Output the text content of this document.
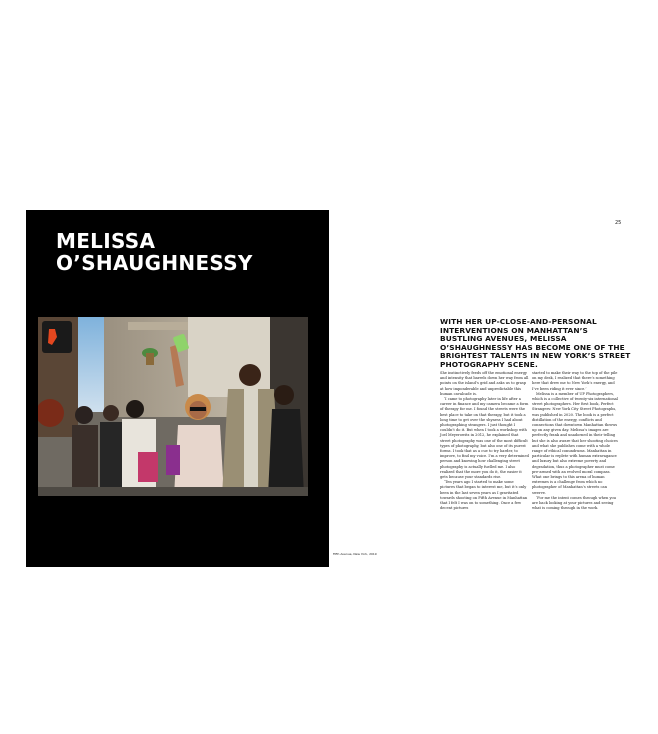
MELISSA
O’SHAUGHNESSY
Fifth Avenue, New York, 2019
25
WITH HER UP-CLOSE-AND-PERSONAL INTERVENTIONS ON MANHATTAN’S BUSTLING AVENUES, MELISSA O’SHAUGHNESSY HAS BECOME ONE OF THE BRIGHTEST TALENTS IN NEW YORK’S STREET PHOTOGRAPHY SCENE.

She instinctively feeds off the emotional energy and intensity that barrels down her way from all points on the island’s grid and asks us to grasp at how imponderable and unpredictable this human cavalcade is.

‘I came to photography later in life after a career in finance and my camera became a form of therapy for me. I found the streets were the best place to take on that therapy, but it took a long time to get over the shyness I had about photographing strangers. I just thought I couldn’t do it. But when I took a workshop with Joel Meyerowitz in 2012, he explained that street photography was one of the most difficult types of photography, but also one of its purest forms. I took that as a cue to try harder, to improve, to find my voice. I’m a very determined person and knowing how challenging street photography is actually fuelled me. I also realized that the more you do it, the easier it gets because your standards rise.

‘Ten years ago I started to make some pictures that began to interest me, but it’s only been in the last seven years as I gravitated towards shooting on Fifth Avenue in Manhattan that I felt I was on to something. Once a few decent pictures

started to make their way to the top of the pile on my desk, I realized that there’s something here that drew me to New York’s energy, and I’ve been riding it ever since.’

Melissa is a member of UP Photographers, which is a collective of twenty-six international street photographers. Her first book, Perfect Strangers: New York City Street Photographs, was published in 2020. The book is a perfect distillation of the energy, conflicts and connections that downtown Manhattan throws up on any given day. Melissa’s images are perfectly frank and unadorned in their telling but she is also aware that her shooting choices and what she publishes come with a whole range of ethical conundrums. Manhattan in particular is replete with human extravagance and luxury but also extreme poverty and degradation, thus a photographer must come pre-armed with an evolved moral compass. What one brings to this arena of human extremes is a challenge from which no photographer of Manhattan’s streets can swerve.

‘For me the intent comes through when you are back looking at your pictures and seeing what is coming through in the work.
